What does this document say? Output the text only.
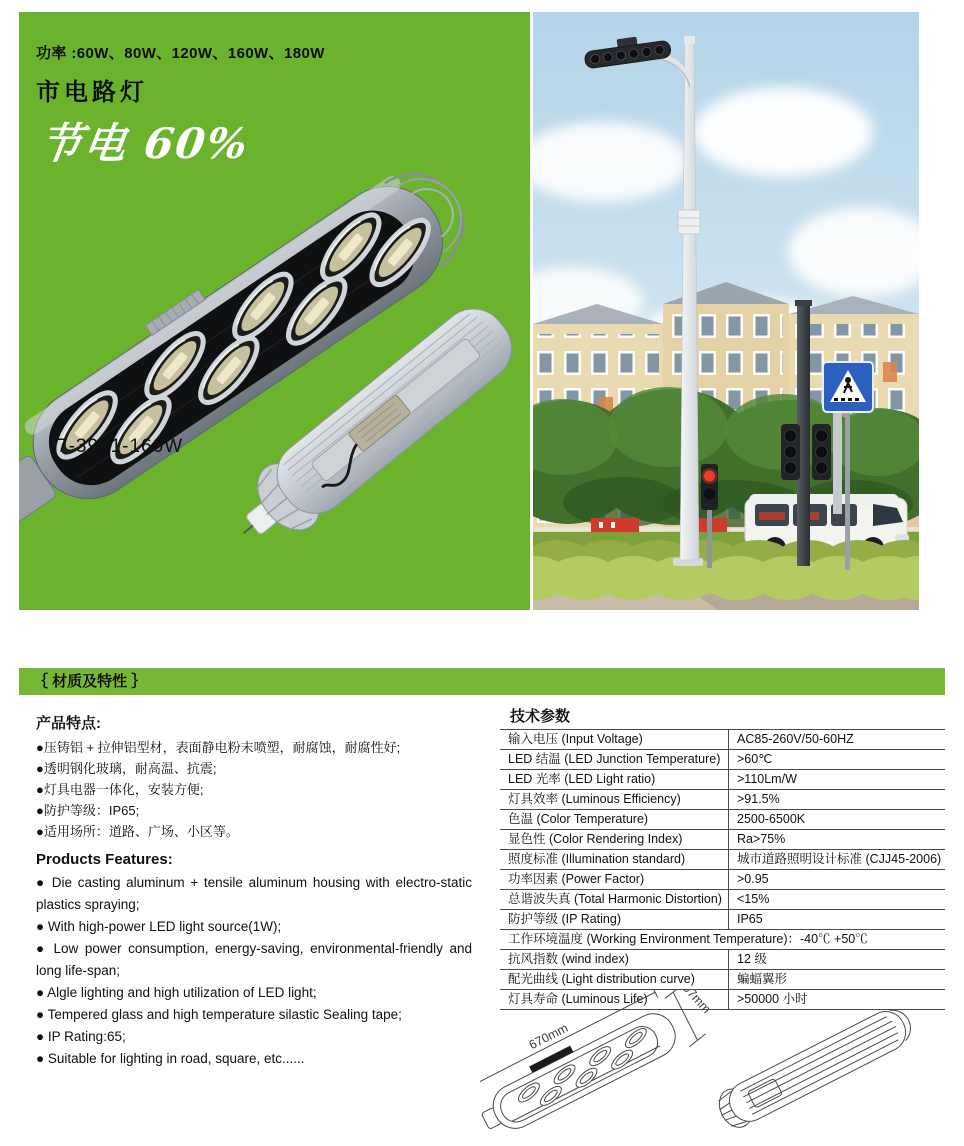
功率 :60W、80W、120W、160W、180W
市电路灯
节电 60%
7-3901-160W
｛ 材质及特性 ｝
产品特点:
●压铸铝 + 拉伸铝型材，表面静电粉末喷塑，耐腐蚀，耐腐性好;
●透明钢化玻璃，耐高温、抗震;
●灯具电器一体化，安装方便;
●防护等级：IP65;
●适用场所：道路、广场、小区等。
Products Features:
● Die casting aluminum + tensile aluminum housing with electro-static plastics spraying;
● With high-power LED light source(1W);
● Low power consumption, energy-saving, environmental-friendly and long life-span;
● Algle lighting and high utilization of LED light;
● Tempered glass and high temperature silastic Sealing tape;
● IP Rating:65;
● Suitable for lighting in road, square, etc......
技术参数
输入电压 (Input Voltage)	AC85-260V/50-60HZ
LED 结温 (LED Junction Temperature)	>60℃
LED 光率 (LED Light ratio)	>110Lm/W
灯具效率 (Luminous Efficiency)	>91.5%
色温 (Color Temperature)	2500-6500K
显色性 (Color Rendering Index)	Ra>75%
照度标准 (Illumination standard)	城市道路照明设计标准 (CJJ45-2006)
功率因素 (Power Factor)	>0.95
总谐波失真 (Total Harmonic Distortion)	<15%
防护等级 (IP Rating)	IP65
工作环境温度 (Working Environment Temperature)：-40℃ +50℃	
抗风指数 (wind index)	12 级
配光曲线 (Light distribution curve)	蝙蝠翼形
灯具寿命 (Luminous Life)	>50000 小时
670mm
307mm
